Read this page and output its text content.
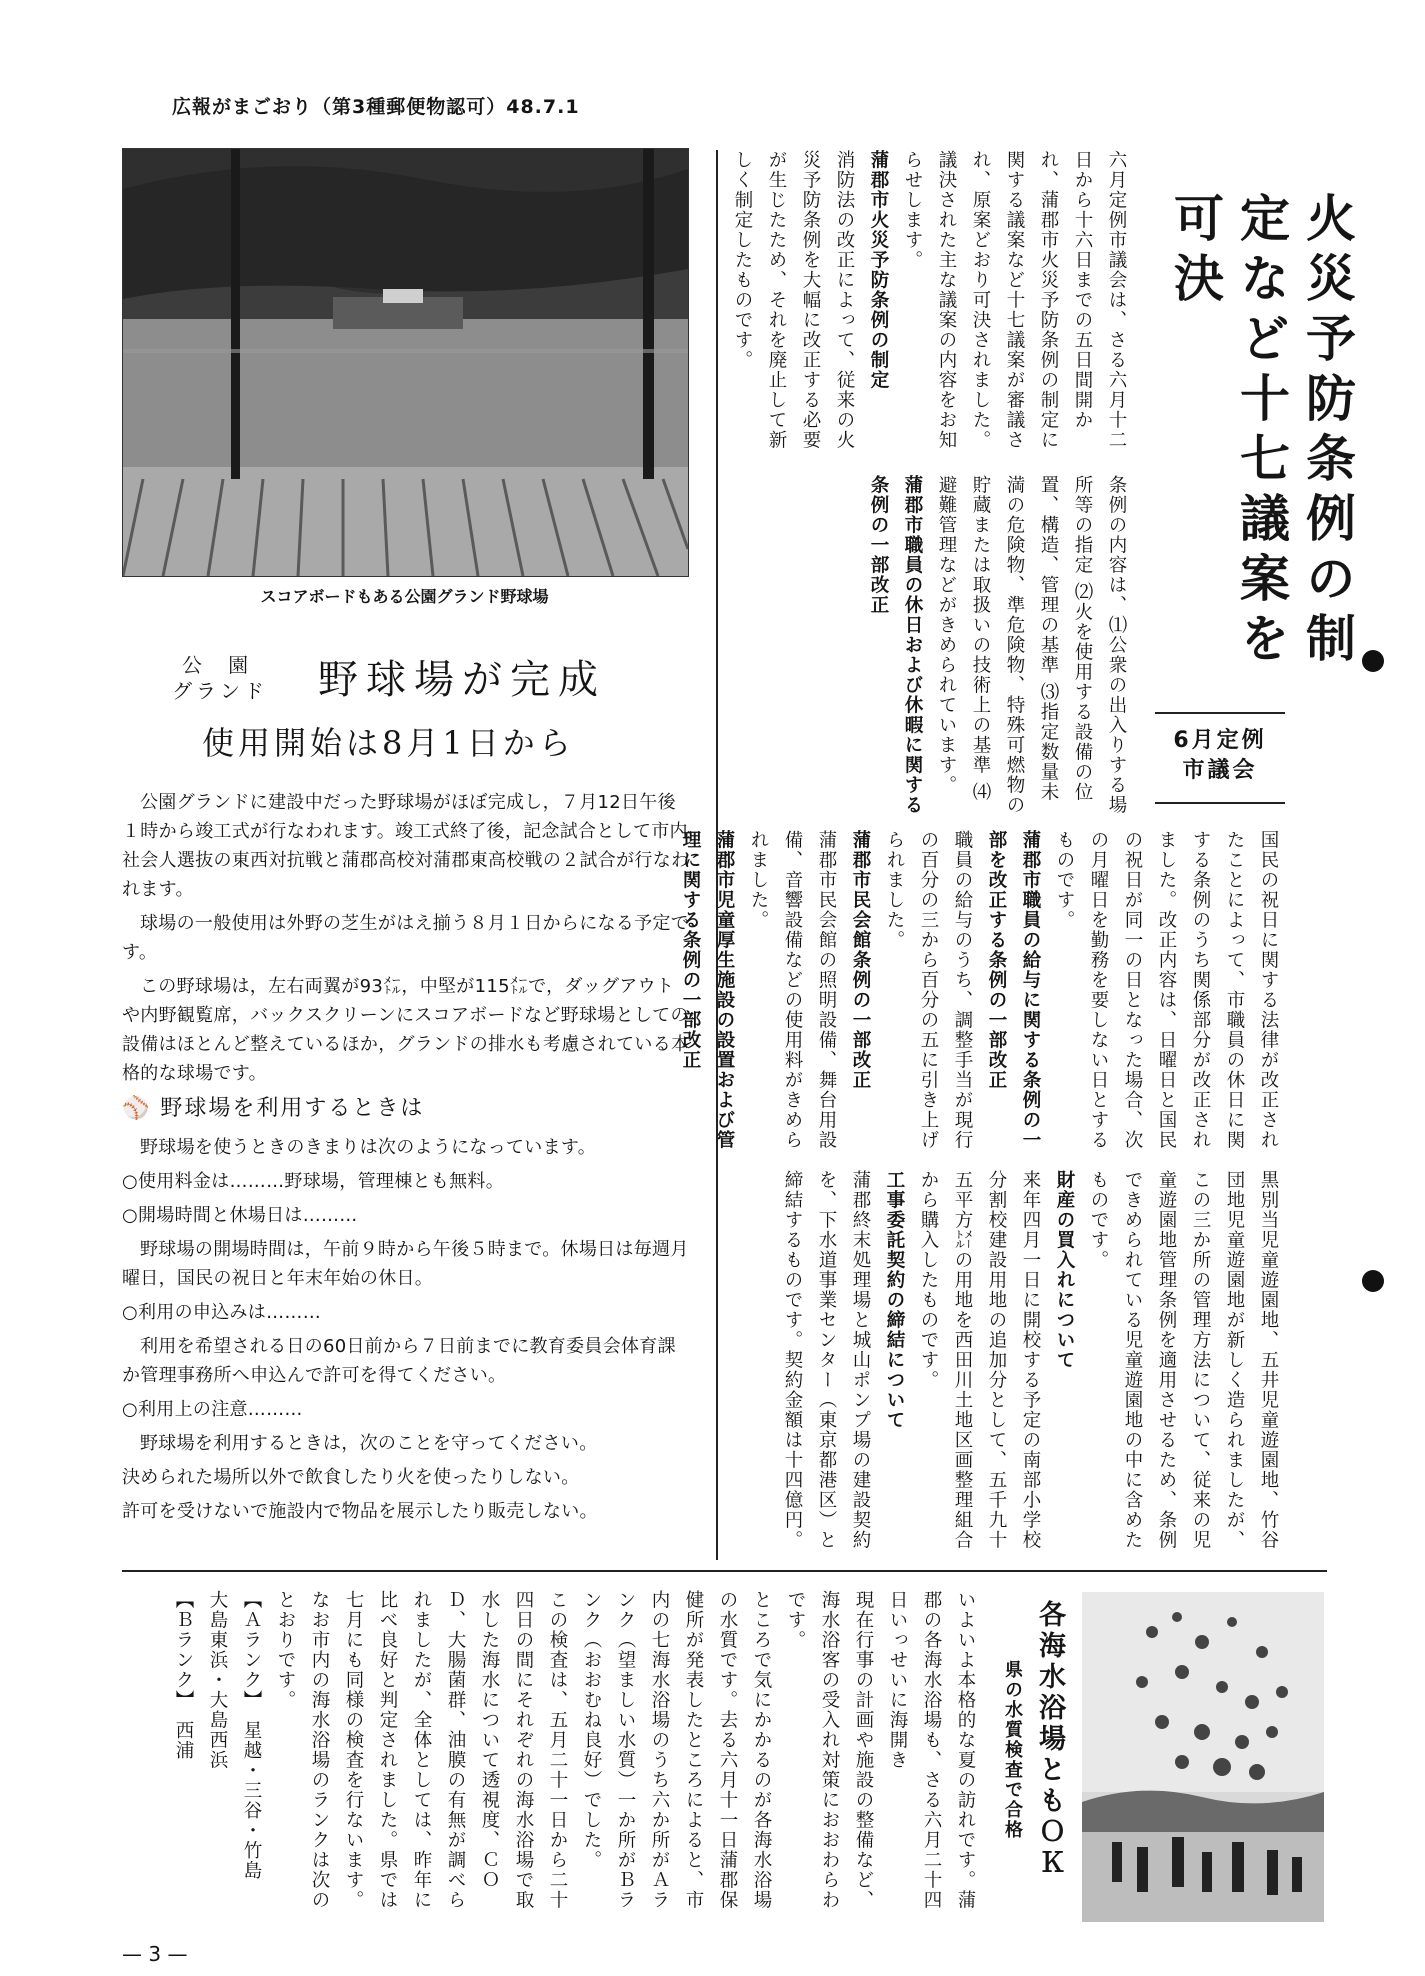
広報がまごおり（第3種郵便物認可）48.7.1
スコアボードもある公園グランド野球場
公 園
グランド 野球場が完成
使用開始は8月1日から

公園グランドに建設中だった野球場がほぼ完成し，７月12日午後１時から竣工式が行なわれます。竣工式終了後，記念試合として市内社会人選抜の東西対抗戦と蒲郡高校対蒲郡東高校戦の２試合が行なわれます。

球場の一般使用は外野の芝生がはえ揃う８月１日からになる予定です。

この野球場は，左右両翼が93㍍，中堅が115㍍で，ダッグアウトや内野観覧席，バックスクリーンにスコアボードなど野球場としての設備はほとんど整えているほか，グランドの排水も考慮されている本格的な球場です。

⚾ 野球場を利用するときは

野球場を使うときのきまりは次のようになっています。

○使用料金は………野球場，管理棟とも無料。

○開場時間と休場日は………

野球場の開場時間は，午前９時から午後５時まで。休場日は毎週月曜日，国民の祝日と年末年始の休日。

○利用の申込みは………

利用を希望される日の60日前から７日前までに教育委員会体育課か管理事務所へ申込んで許可を得てください。

○利用上の注意………

野球場を利用するときは，次のことを守ってください。

決められた場所以外で飲食したり火を使ったりしない。

許可を受けないで施設内で物品を展示したり販売しない。

火災予防条例の制定など十七議案を可決
6月定例
市議会

六月定例市議会は、さる六月十二日から十六日までの五日間開かれ、蒲郡市火災予防条例の制定に関する議案など十七議案が審議され、原案どおり可決されました。

議決された主な議案の内容をお知らせします。

蒲郡市火災予防条例の制定

消防法の改正によって、従来の火災予防条例を大幅に改正する必要が生じたため、それを廃止して新しく制定したものです。

条例の内容は、⑴公衆の出入りする場所等の指定 ⑵火を使用する設備の位置、構造、管理の基準 ⑶指定数量未満の危険物、準危険物、特殊可燃物の貯蔵または取扱いの技術上の基準 ⑷避難管理などがきめられています。

蒲郡市職員の休日および休暇に関する条例の一部改正

国民の祝日に関する法律が改正されたことによって、市職員の休日に関する条例のうち関係部分が改正されました。改正内容は、日曜日と国民の祝日が同一の日となった場合、次の月曜日を勤務を要しない日とするものです。

蒲郡市職員の給与に関する条例の一部を改正する条例の一部改正

職員の給与のうち、調整手当が現行の百分の三から百分の五に引き上げられました。

蒲郡市民会館条例の一部改正

蒲郡市民会館の照明設備、舞台用設備、音響設備などの使用料がきめられました。

蒲郡市児童厚生施設の設置および管理に関する条例の一部改正

黒別当児童遊園地、五井児童遊園地、竹谷団地児童遊園地が新しく造られましたが、この三か所の管理方法について、従来の児童遊園地管理条例を適用させるため、条例できめられている児童遊園地の中に含めたものです。

財産の買入れについて

来年四月一日に開校する予定の南部小学校分割校建設用地の追加分として、五千九十五平方㍍の用地を西田川土地区画整理組合から購入したものです。

工事委託契約の締結について

蒲郡終末処理場と城山ポンプ場の建設契約を、下水道事業センター（東京都港区）と締結するものです。契約金額は十四億円。

各海水浴場ともＯＫ
県の水質検査で合格

いよいよ本格的な夏の訪れです。蒲郡の各海水浴場も、さる六月二十四日いっせいに海開き

現在行事の計画や施設の整備など、海水浴客の受入れ対策におおわらわです。

ところで気にかかるのが各海水浴場の水質です。去る六月十一日蒲郡保健所が発表したところによると、市内の七海水浴場のうち六か所がＡランク（望ましい水質）一か所がＢランク（おおむね良好）でした。

この検査は、五月二十一日から二十四日の間にそれぞれの海水浴場で取水した海水について透視度、ＣＯＤ、大腸菌群、油膜の有無が調べられましたが、全体としては、昨年に比べ良好と判定されました。県では七月にも同様の検査を行ないます。

なお市内の海水浴場のランクは次のとおりです。

【Ａランク】　星越・三谷・竹島

大島東浜・大島西浜

【Ｂランク】　西浦

— 3 —
